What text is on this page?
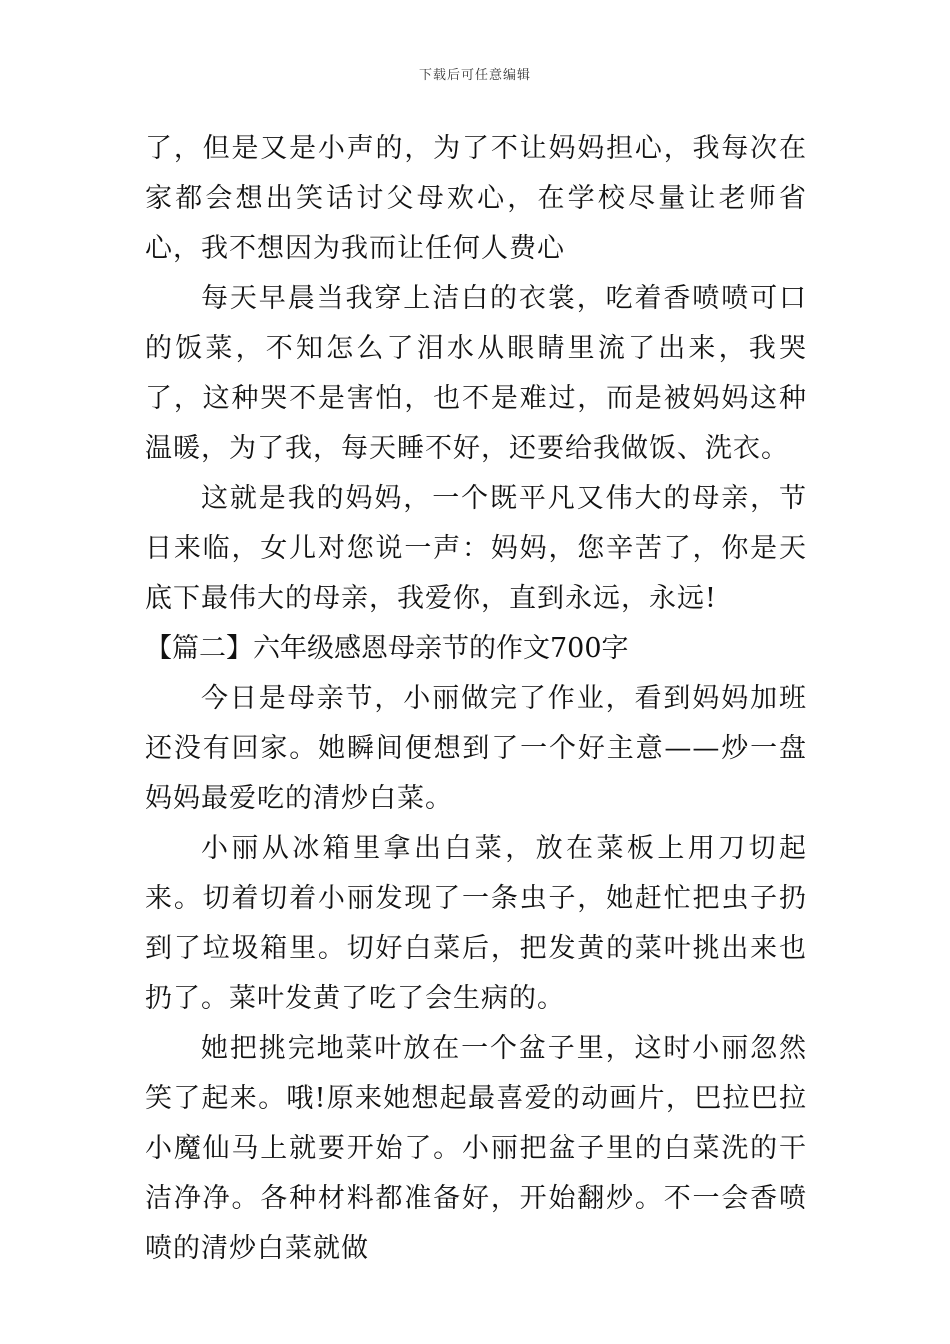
下载后可任意编辑

了，但是又是小声的，为了不让妈妈担心，我每次在家都会想出笑话讨父母欢心，在学校尽量让老师省心，我不想因为我而让任何人费心

每天早晨当我穿上洁白的衣裳，吃着香喷喷可口的饭菜，不知怎么了泪水从眼睛里流了出来，我哭了，这种哭不是害怕，也不是难过，而是被妈妈这种温暖，为了我，每天睡不好，还要给我做饭、洗衣。

这就是我的妈妈，一个既平凡又伟大的母亲，节日来临，女儿对您说一声：妈妈，您辛苦了，你是天底下最伟大的母亲，我爱你，直到永远，永远!

【篇二】六年级感恩母亲节的作文700字

今日是母亲节，小丽做完了作业，看到妈妈加班还没有回家。她瞬间便想到了一个好主意——炒一盘妈妈最爱吃的清炒白菜。

小丽从冰箱里拿出白菜，放在菜板上用刀切起来。切着切着小丽发现了一条虫子，她赶忙把虫子扔到了垃圾箱里。切好白菜后，把发黄的菜叶挑出来也扔了。菜叶发黄了吃了会生病的。

她把挑完地菜叶放在一个盆子里，这时小丽忽然笑了起来。哦!原来她想起最喜爱的动画片，巴拉巴拉小魔仙马上就要开始了。小丽把盆子里的白菜洗的干洁净净。各种材料都准备好，开始翻炒。不一会香喷喷的清炒白菜就做
